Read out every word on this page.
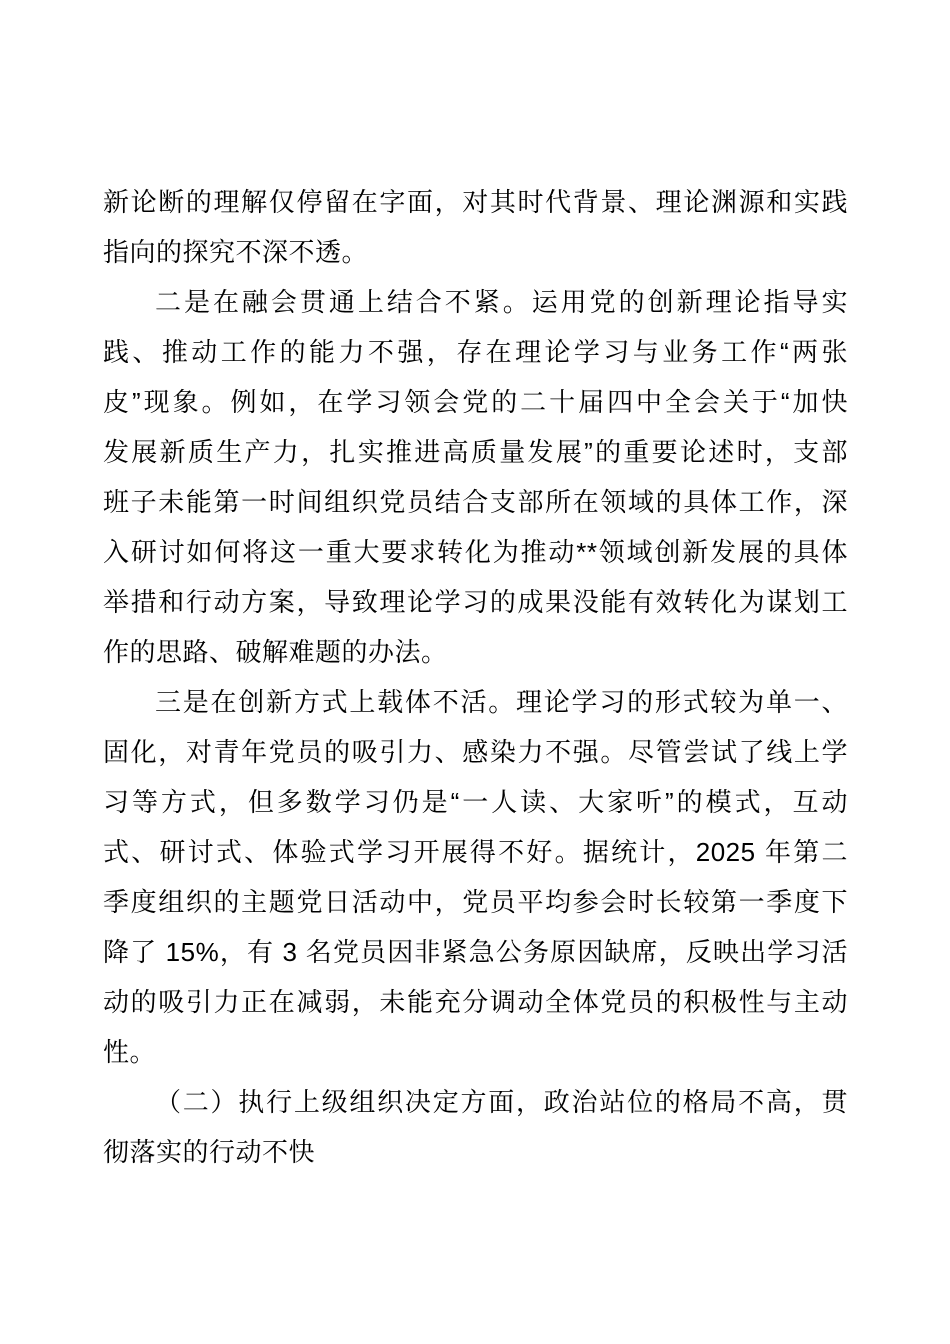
新论断的理解仅停留在字面，对其时代背景、理论渊源和实践
指向的探究不深不透。
二是在融会贯通上结合不紧。运用党的创新理论指导实
践、推动工作的能力不强，存在理论学习与业务工作“两张
皮”现象。例如，在学习领会党的二十届四中全会关于“加快
发展新质生产力，扎实推进高质量发展”的重要论述时，支部
班子未能第一时间组织党员结合支部所在领域的具体工作，深
入研讨如何将这一重大要求转化为推动**领域创新发展的具体
举措和行动方案，导致理论学习的成果没能有效转化为谋划工
作的思路、破解难题的办法。
三是在创新方式上载体不活。理论学习的形式较为单一、
固化，对青年党员的吸引力、感染力不强。尽管尝试了线上学
习等方式，但多数学习仍是“一人读、大家听”的模式，互动
式、研讨式、体验式学习开展得不好。据统计，2025 年第二
季度组织的主题党日活动中，党员平均参会时长较第一季度下
降了 15%，有 3 名党员因非紧急公务原因缺席，反映出学习活
动的吸引力正在减弱，未能充分调动全体党员的积极性与主动
性。
（二）执行上级组织决定方面，政治站位的格局不高，贯
彻落实的行动不快
